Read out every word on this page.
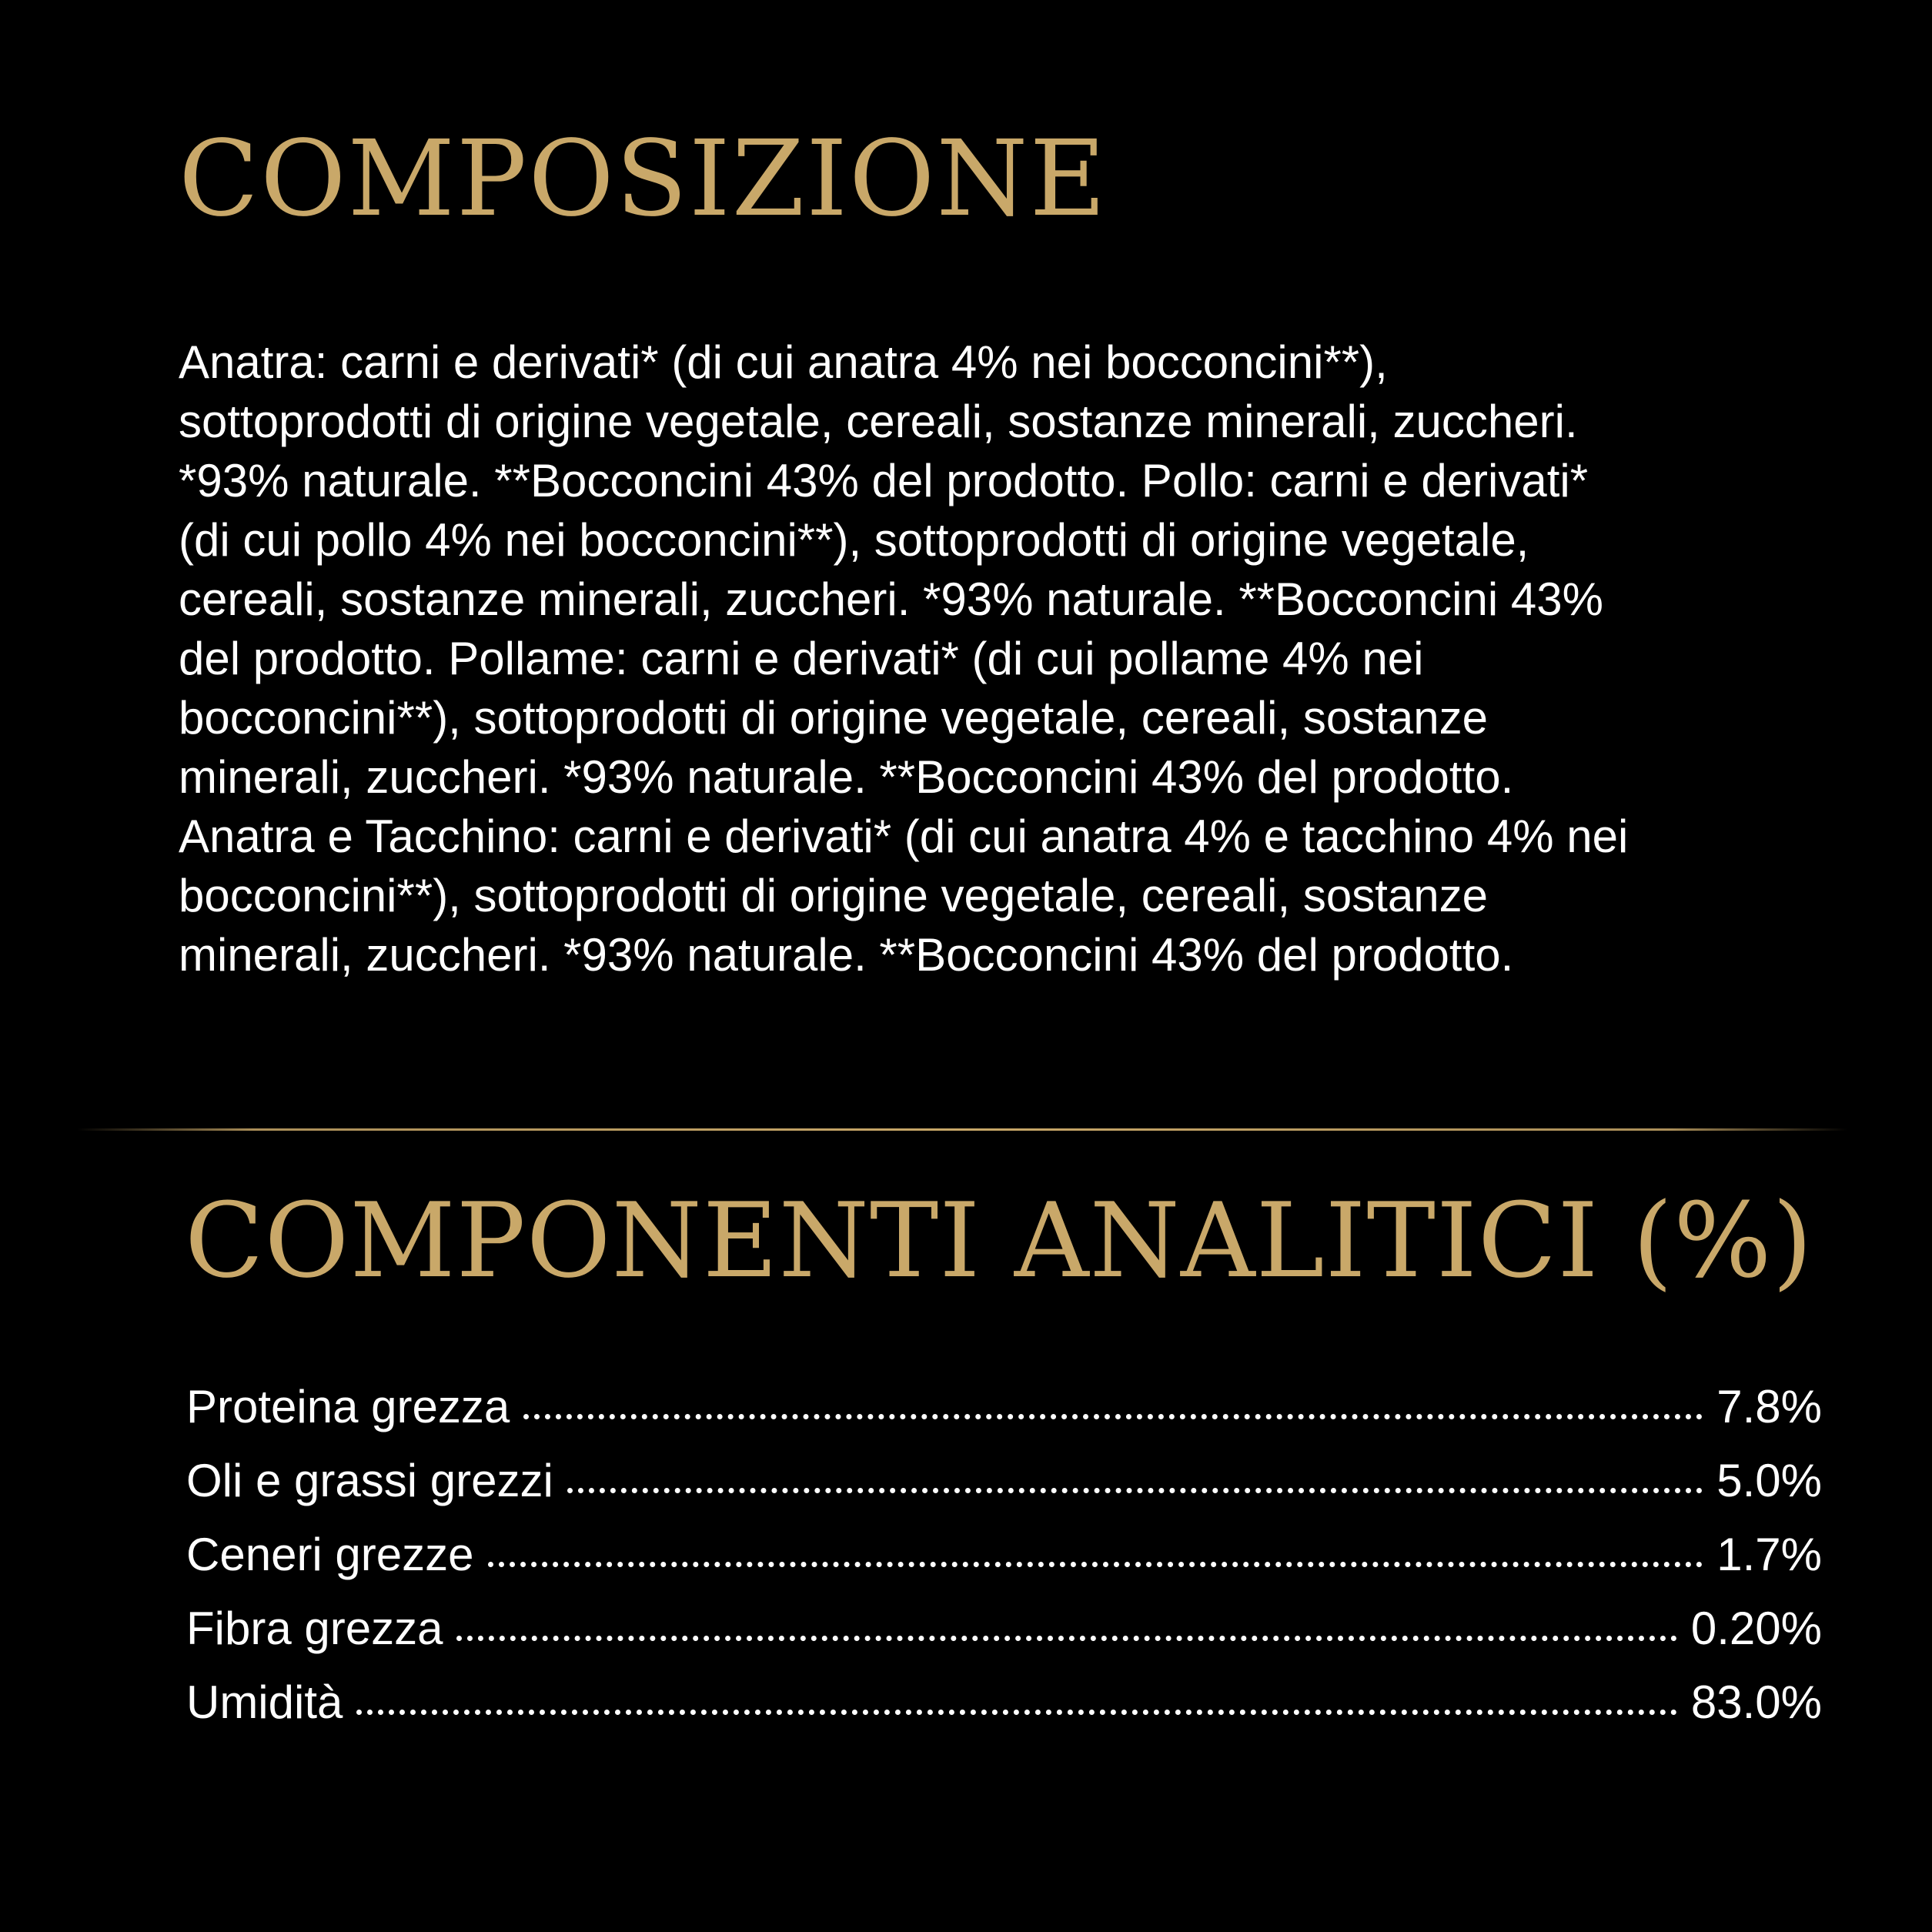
COMPOSIZIONE
Anatra: carni e derivati* (di cui anatra 4% nei bocconcini**),
sottoprodotti di origine vegetale, cereali, sostanze minerali, zuccheri.
*93% naturale. **Bocconcini 43% del prodotto. Pollo: carni e derivati*
(di cui pollo 4% nei bocconcini**), sottoprodotti di origine vegetale,
cereali, sostanze minerali, zuccheri. *93% naturale. **Bocconcini 43%
del prodotto. Pollame: carni e derivati* (di cui pollame 4% nei
bocconcini**), sottoprodotti di origine vegetale, cereali, sostanze
minerali, zuccheri. *93% naturale. **Bocconcini 43% del prodotto.
Anatra e Tacchino: carni e derivati* (di cui anatra 4% e tacchino 4% nei
bocconcini**), sottoprodotti di origine vegetale, cereali, sostanze
minerali, zuccheri. *93% naturale. **Bocconcini 43% del prodotto.
COMPONENTI ANALITICI (%)
Proteina grezza	7.8%
Oli e grassi grezzi	5.0%
Ceneri grezze	1.7%
Fibra grezza	0.20%
Umidità	83.0%
